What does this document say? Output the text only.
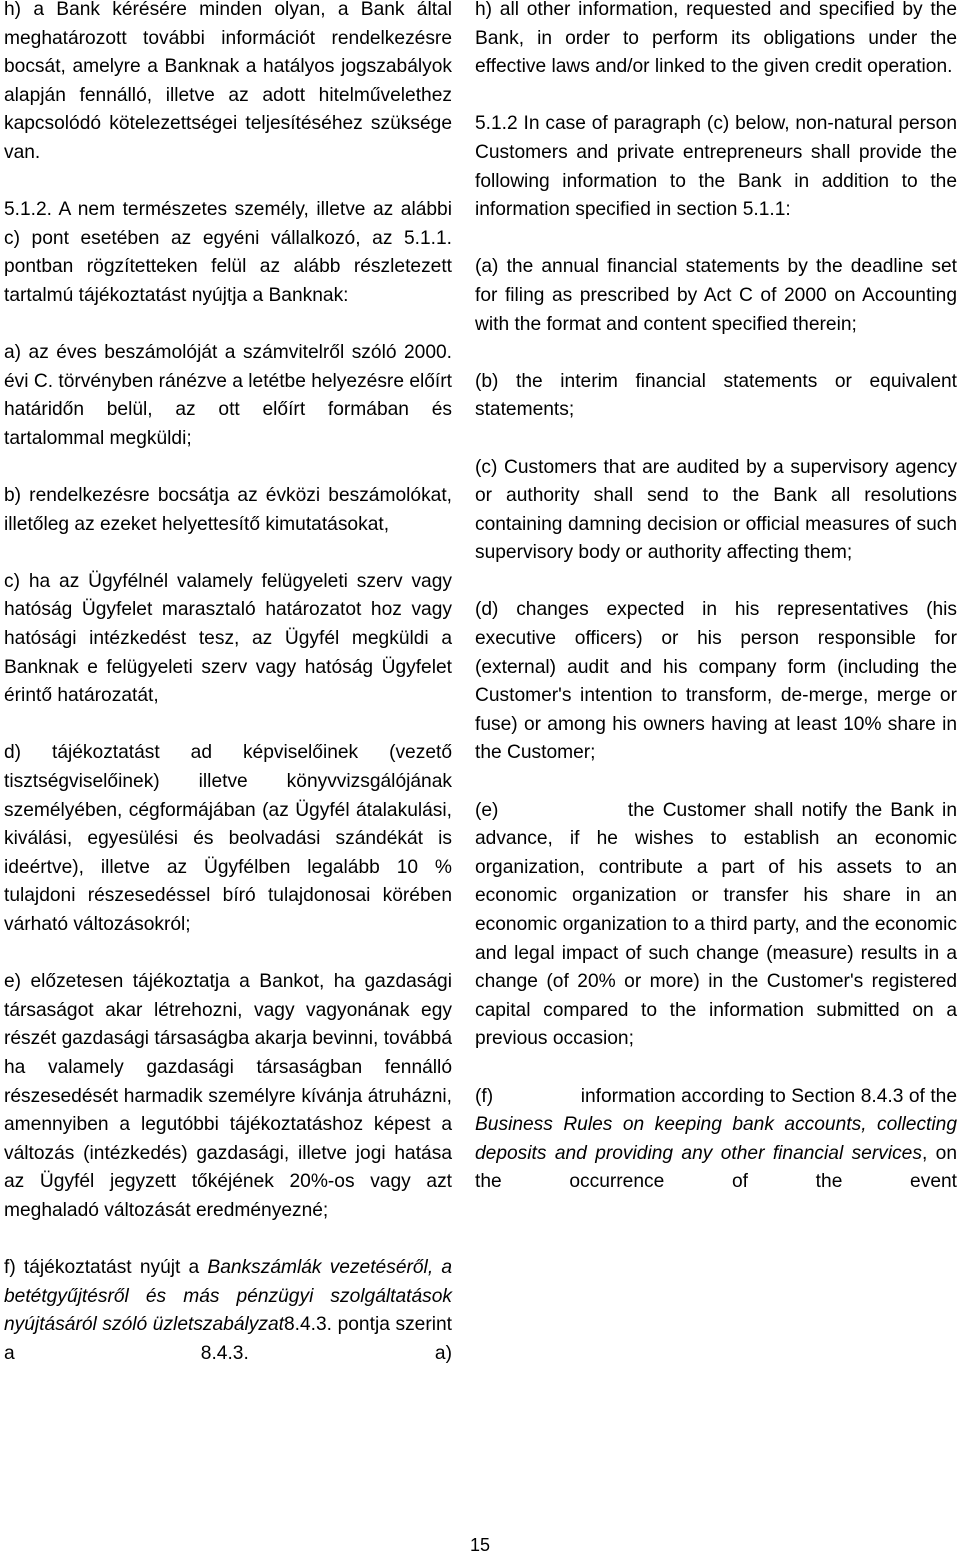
h) a Bank kérésére minden olyan, a Bank által meghatározott további információt rendelkezésre bocsát, amelyre a Banknak a hatályos jogszabályok alapján fennálló, illetve az adott hitelművelethez kapcsolódó kötelezettségei teljesítéséhez szüksége van.

5.1.2. A nem természetes személy, illetve az alábbi c) pont esetében az egyéni vállalkozó, az 5.1.1. pontban rögzítetteken felül az alább részletezett tartalmú tájékoztatást nyújtja a Banknak:

a) az éves beszámolóját a számvitelről szóló 2000. évi C. törvényben ránézve a letétbe helyezésre előírt határidőn belül, az ott előírt formában és tartalommal megküldi;

b) rendelkezésre bocsátja az évközi beszámolókat, illetőleg az ezeket helyettesítő kimutatásokat,

c) ha az Ügyfélnél valamely felügyeleti szerv vagy hatóság Ügyfelet marasztaló határozatot hoz vagy hatósági intézkedést tesz, az Ügyfél megküldi a Banknak e felügyeleti szerv vagy hatóság Ügyfelet érintő határozatát,

d) tájékoztatást ad képviselőinek (vezető tisztségviselőinek) illetve könyvvizsgálójának személyében, cégformájában (az Ügyfél átalakulási, kiválási, egyesülési és beolvadási szándékát is ideértve), illetve az Ügyfélben legalább 10 % tulajdoni részesedéssel bíró tulajdonosai körében várható változásokról;

e) előzetesen tájékoztatja a Bankot, ha gazdasági társaságot akar létrehozni, vagy vagyonának egy részét gazdasági társaságba akarja bevinni, továbbá ha valamely gazdasági társaságban fennálló részesedését harmadik személyre kívánja átruházni, amennyiben a legutóbbi tájékoztatáshoz képest a változás (intézkedés) gazdasági, illetve jogi hatása az Ügyfél jegyzett tőkéjének 20%-os vagy azt meghaladó változását eredményezné;

f) tájékoztatást nyújt a Bankszámlák vezetéséről, a betétgyűjtésről és más pénzügyi szolgáltatások nyújtásáról szóló üzletszabályzat8.4.3. pontja szerint a 8.4.3. a)

h) all other information, requested and specified by the Bank, in order to perform its obligations under the effective laws and/or linked to the given credit operation.

5.1.2 In case of paragraph (c) below, non-natural person Customers and private entrepreneurs shall provide the following information to the Bank in addition to the information specified in section 5.1.1:

(a) the annual financial statements by the deadline set for filing as prescribed by Act C of 2000 on Accounting with the format and content specified therein;

(b) the interim financial statements or equivalent statements;

(c) Customers that are audited by a supervisory agency or authority shall send to the Bank all resolutions containing damning decision or official measures of such supervisory body or authority affecting them;

(d) changes expected in his representatives (his executive officers) or his person responsible for (external) audit and his company form (including the Customer's intention to transform, de-merge, merge or fuse) or among his owners having at least 10% share in the Customer;

(e)                the Customer shall notify the Bank in advance, if he wishes to establish an economic organization, contribute a part of his assets to an economic organization or transfer his share in an economic organization to a third party, and the economic and legal impact of such change (measure) results in a change (of 20% or more) in the Customer's registered capital compared to the information submitted on a previous occasion;

(f)                information according to Section 8.4.3 of the Business Rules on keeping bank accounts, collecting deposits and providing any other financial services, on the occurrence of the event

15
